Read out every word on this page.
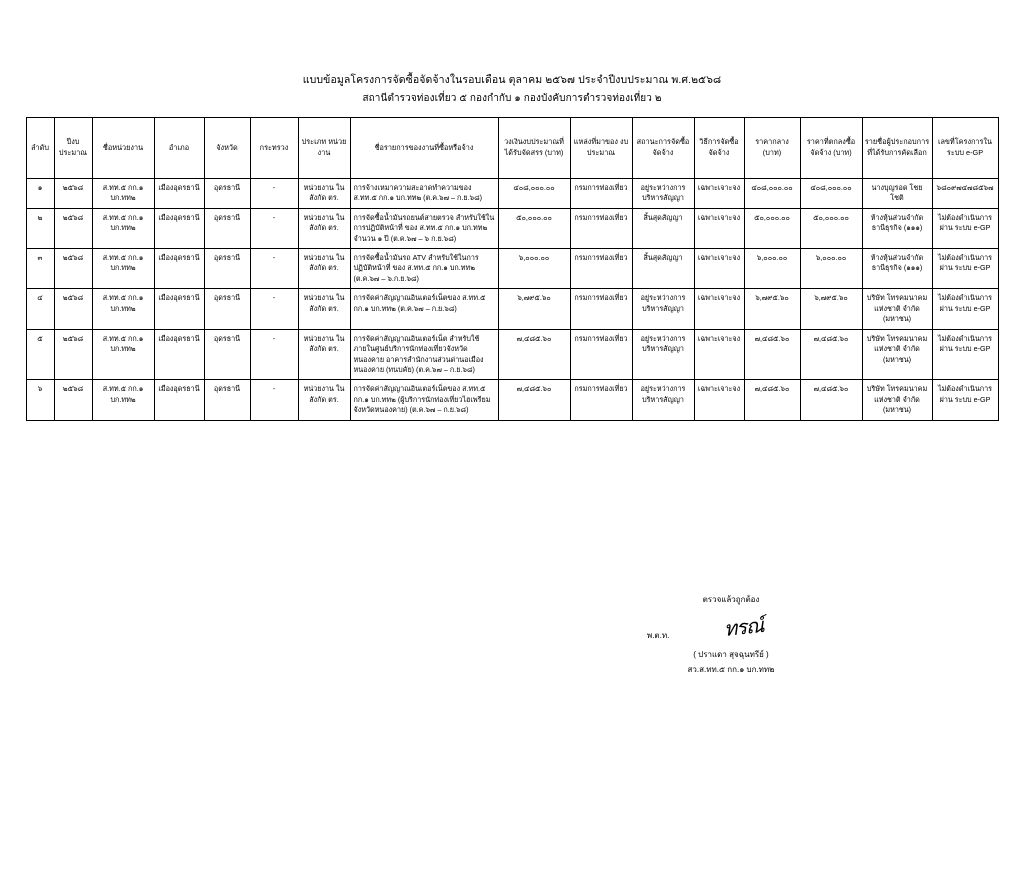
แบบข้อมูลโครงการจัดซื้อจัดจ้างในรอบเดือน ตุลาคม ๒๕๖๗ ประจำปีงบประมาณ พ.ศ.๒๕๖๘
สถานีตำรวจท่องเที่ยว ๕ กองกำกับ ๑ กองบังคับการตำรวจท่องเที่ยว ๒
ลำดับ	ปีงบ ประมาณ	ชื่อหน่วยงาน	อำเภอ	จังหวัด	กระทรวง	ประเภท หน่วยงาน	ชื่อรายการของงานที่ซื้อหรือจ้าง	วงเงินงบประมาณที่ได้รับจัดสรร (บาท)	แหล่งที่มาของ งบประมาณ	สถานะการจัดซื้อ จัดจ้าง	วิธีการจัดซื้อ จัดจ้าง	ราคากลาง (บาท)	ราคาที่ตกลงซื้อ จัดจ้าง (บาท)	รายชื่อผู้ประกอบการที่ได้รับการคัดเลือก	เลขที่โครงการใน ระบบ e-GP
๑	๒๕๖๘	ส.ทท.๕ กก.๑ บก.ทท๒	เมืองอุดรธานี	อุดรธานี	-	หน่วยงาน ในสังกัด ตร.	การจ้างเหมาความสะอาดทำความของ ส.ทท.๕ กก.๑ บก.ทท๒ (ต.ค.๖๗ – ก.ย.๖๘)	๔๐๘,๐๐๐.๐๐	กรมการท่องเที่ยว	อยู่ระหว่างการ บริหารสัญญา	เฉพาะเจาะจง	๔๐๘,๐๐๐.๐๐	๔๐๘,๐๐๐.๐๐	นางบุญรอด โชยโชติ	๖๘๐๙๗๔๗๘๕๖๗
๒	๒๕๖๘	ส.ทท.๕ กก.๑ บก.ทท๒	เมืองอุดรธานี	อุดรธานี	-	หน่วยงาน ในสังกัด ตร.	การจัดซื้อน้ำมันรถยนต์สายตรวจ สำหรับใช้ในการปฏิบัติหน้าที่ ของ ส.ทท.๕ กก.๑ บก.ทท๒ จำนวน ๑ ปี (ต.ค.๖๗ – ๖ ก.ย.๖๘)	๕๐,๐๐๐.๐๐	กรมการท่องเที่ยว	สิ้นสุดสัญญา	เฉพาะเจาะจง	๕๐,๐๐๐.๐๐	๕๐,๐๐๐.๐๐	ห้างหุ้นส่วนจำกัด ธานีธุรกิจ (๑๑๑)	ไม่ต้องดำเนินการผ่าน ระบบ e-GP
๓	๒๕๖๘	ส.ทท.๕ กก.๑ บก.ทท๒	เมืองอุดรธานี	อุดรธานี	-	หน่วยงาน ในสังกัด ตร.	การจัดซื้อน้ำมันรถ ATV สำหรับใช้ในการปฏิบัติหน้าที่ ของ ส.ทท.๕ กก.๑ บก.ทท๒ (ต.ค.๖๗ – ๖.ก.ย.๖๘)	๖,๐๐๐.๐๐	กรมการท่องเที่ยว	สิ้นสุดสัญญา	เฉพาะเจาะจง	๖,๐๐๐.๐๐	๖,๐๐๐.๐๐	ห้างหุ้นส่วนจำกัด ธานีธุรกิจ (๑๑๑)	ไม่ต้องดำเนินการผ่าน ระบบ e-GP
๔	๒๕๖๘	ส.ทท.๕ กก.๑ บก.ทท๒	เมืองอุดรธานี	อุดรธานี	-	หน่วยงาน ในสังกัด ตร.	การจัดค่าสัญญาณอินเตอร์เน็ตของ ส.ทท.๕ กก.๑ บก.ทท๒ (ต.ค.๖๗ – ก.ย.๖๘)	๖,๗๙๕.๖๐	กรมการท่องเที่ยว	อยู่ระหว่างการ บริหารสัญญา	เฉพาะเจาะจง	๖,๗๙๕.๖๐	๖,๗๙๕.๖๐	บริษัท โทรคมนาคม แห่งชาติ จำกัด (มหาชน)	ไม่ต้องดำเนินการผ่าน ระบบ e-GP
๕	๒๕๖๘	ส.ทท.๕ กก.๑ บก.ทท๒	เมืองอุดรธานี	อุดรธานี	-	หน่วยงาน ในสังกัด ตร.	การจัดค่าสัญญาณอินเตอร์เน็ต สำหรับใช้ภายในศูนย์บริการนักท่องเที่ยวจังหวัดหนองคาย อาคารสำนักงานส่วนด่านอเมืองหนองคาย (ทนบคัย) (ต.ค.๖๗ – ก.ย.๖๘)	๗,๔๘๕.๖๐	กรมการท่องเที่ยว	อยู่ระหว่างการ บริหารสัญญา	เฉพาะเจาะจง	๗,๔๘๕.๖๐	๗,๔๘๕.๖๐	บริษัท โทรคมนาคม แห่งชาติ จำกัด (มหาชน)	ไม่ต้องดำเนินการผ่าน ระบบ e-GP
๖	๒๕๖๘	ส.ทท.๕ กก.๑ บก.ทท๒	เมืองอุดรธานี	อุดรธานี	-	หน่วยงาน ในสังกัด ตร.	การจัดค่าสัญญาณอินเตอร์เน็ตของ ส.ทท.๕ กก.๑ บก.ทท๒ (ผู้บริการนักท่องเที่ยวไฮเพรียม จังหวัดหนองคาย) (ต.ค.๖๗ – ก.ย.๖๘)	๗,๔๘๕.๖๐	กรมการท่องเที่ยว	อยู่ระหว่างการ บริหารสัญญา	เฉพาะเจาะจง	๗,๔๘๕.๖๐	๗,๔๘๕.๖๐	บริษัท โทรคมนาคม แห่งชาติ จำกัด (มหาชน)	ไม่ต้องดำเนินการผ่าน ระบบ e-GP
ตรวจแล้วถูกต้อง
พ.ต.ท.	ทรณ์
( ปราแดา สุจฉุนทรีย์ )
สว.ส.ทท.๕ กก.๑ บก.ทท๒
